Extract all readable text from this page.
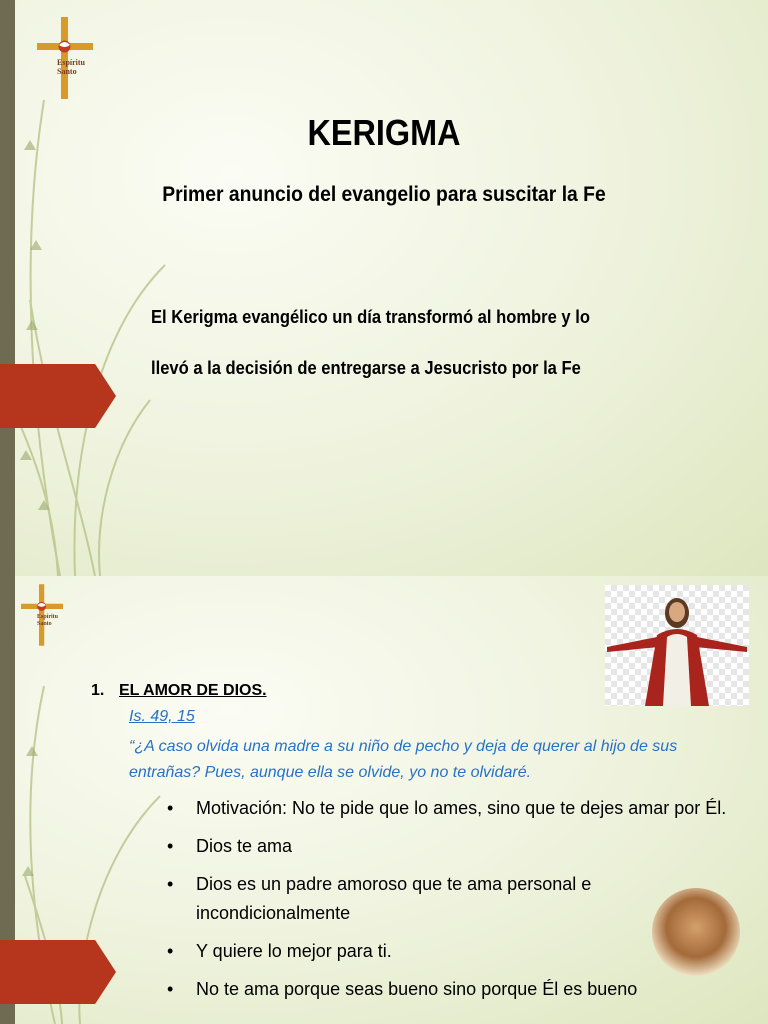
Espíritu Santo
KERIGMA
Primer anuncio del evangelio para suscitar la Fe
El Kerigma evangélico un día transformó al hombre y lo
llevó a la decisión de entregarse a Jesucristo por la Fe
Espíritu Santo
1. EL AMOR DE DIOS.
Is. 49, 15
“¿A caso olvida una madre a su niño de pecho y deja de querer al hijo de sus entrañas? Pues, aunque ella se olvide, yo no te olvidaré.
• Motivación: No te pide que lo ames, sino que te dejes amar por Él.
• Dios te ama
• Dios es un padre amoroso que te ama personal e incondicionalmente
• Y quiere lo mejor para ti.
• No te ama porque seas bueno sino porque Él es bueno
